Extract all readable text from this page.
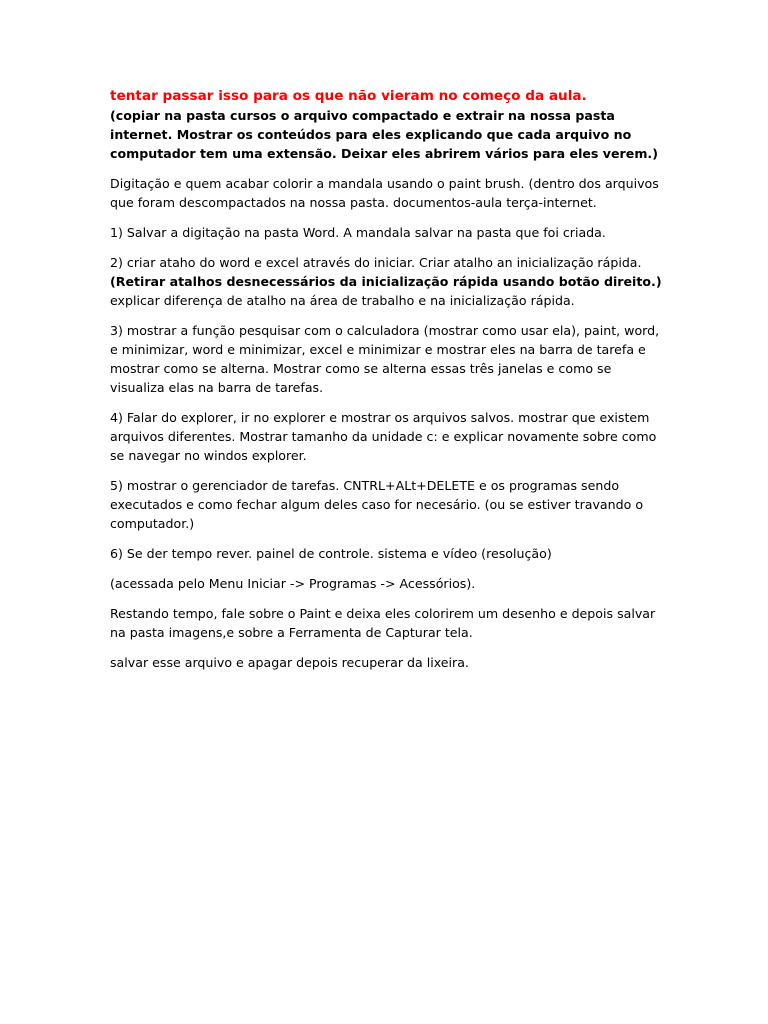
tentar passar isso para os que não vieram no começo da aula.

(copiar na pasta cursos o arquivo compactado e extrair na nossa pasta internet. Mostrar os conteúdos para eles explicando que cada arquivo no computador tem uma extensão. Deixar eles abrirem vários para eles verem.)

Digitação e quem acabar colorir a mandala usando o paint brush. (dentro dos arquivos que foram descompactados na nossa pasta. documentos-aula terça-internet.

1) Salvar a digitação na pasta Word. A mandala salvar na pasta que foi criada.

2) criar ataho do word e excel através do iniciar. Criar atalho an inicialização rápida. (Retirar atalhos desnecessários da inicialização rápida usando botão direito.) explicar diferença de atalho na área de trabalho e na inicialização rápida.

3) mostrar a função pesquisar com o calculadora (mostrar como usar ela), paint, word, e minimizar, word e minimizar, excel e minimizar e mostrar eles na barra de tarefa e mostrar como se alterna. Mostrar como se alterna essas três janelas e como se visualiza elas na barra de tarefas.

4) Falar do explorer, ir no explorer e mostrar os arquivos salvos. mostrar que existem arquivos diferentes. Mostrar tamanho da unidade c: e explicar novamente sobre como se navegar no windos explorer.

5) mostrar o gerenciador de tarefas. CNTRL+ALt+DELETE e os programas sendo executados e como fechar algum deles caso for necesário. (ou se estiver travando o computador.)

6) Se der tempo rever. painel de controle. sistema e vídeo (resolução)

(acessada pelo Menu Iniciar -> Programas -> Acessórios).

Restando tempo, fale sobre o Paint e deixa eles colorirem um desenho e depois salvar na pasta imagens,e sobre a Ferramenta de Capturar tela.

salvar esse arquivo e apagar depois recuperar da lixeira.
